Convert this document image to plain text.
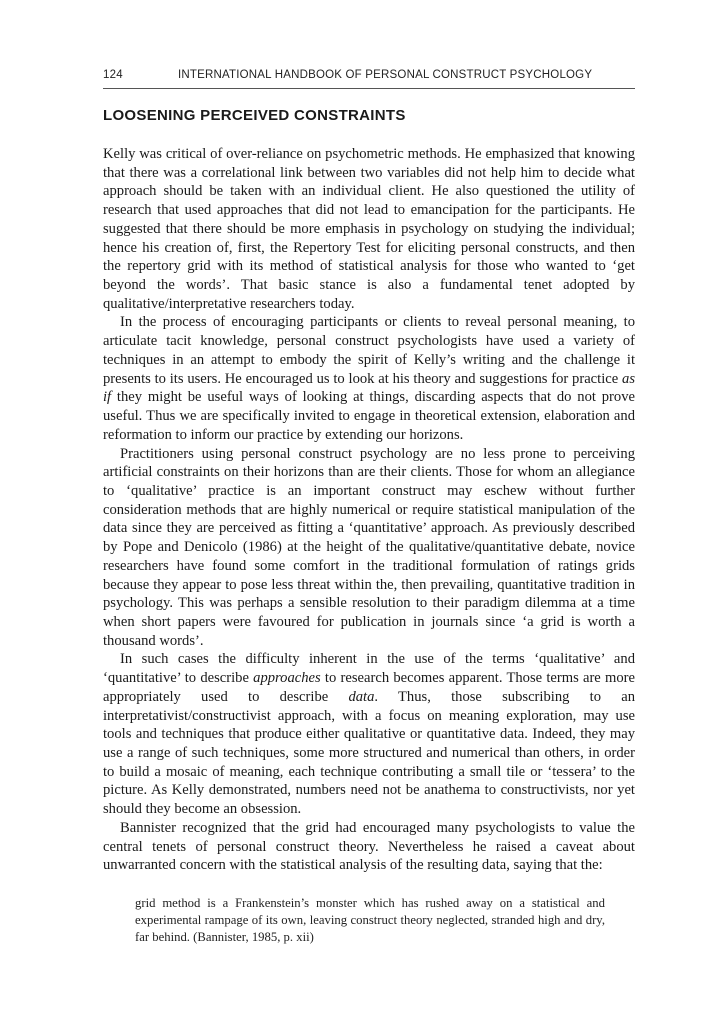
124	INTERNATIONAL HANDBOOK OF PERSONAL CONSTRUCT PSYCHOLOGY
LOOSENING PERCEIVED CONSTRAINTS

Kelly was critical of over-reliance on psychometric methods. He emphasized that knowing that there was a correlational link between two variables did not help him to decide what approach should be taken with an individual client. He also questioned the utility of research that used approaches that did not lead to emancipation for the participants. He suggested that there should be more emphasis in psychology on studying the individual; hence his creation of, first, the Repertory Test for eliciting personal constructs, and then the repertory grid with its method of statistical analysis for those who wanted to ‘get beyond the words’. That basic stance is also a fundamental tenet adopted by qualitative/interpretative researchers today.

In the process of encouraging participants or clients to reveal personal meaning, to articulate tacit knowledge, personal construct psychologists have used a variety of techniques in an attempt to embody the spirit of Kelly’s writing and the challenge it presents to its users. He encouraged us to look at his theory and suggestions for practice as if they might be useful ways of looking at things, discarding aspects that do not prove useful. Thus we are specifically invited to engage in theoretical extension, elaboration and reformation to inform our practice by extending our horizons.

Practitioners using personal construct psychology are no less prone to perceiving artificial constraints on their horizons than are their clients. Those for whom an allegiance to ‘qualitative’ practice is an important construct may eschew without further consideration methods that are highly numerical or require statistical manipulation of the data since they are perceived as fitting a ‘quantitative’ approach. As previously described by Pope and Denicolo (1986) at the height of the qualitative/quantitative debate, novice researchers have found some comfort in the traditional formulation of ratings grids because they appear to pose less threat within the, then prevailing, quantitative tradition in psychology. This was perhaps a sensible resolution to their paradigm dilemma at a time when short papers were favoured for publication in journals since ‘a grid is worth a thousand words’.

In such cases the difficulty inherent in the use of the terms ‘qualitative’ and ‘quantitative’ to describe approaches to research becomes apparent. Those terms are more appropriately used to describe data. Thus, those subscribing to an interpretativist/constructivist approach, with a focus on meaning exploration, may use tools and techniques that produce either qualitative or quantitative data. Indeed, they may use a range of such techniques, some more structured and numerical than others, in order to build a mosaic of meaning, each technique contributing a small tile or ‘tessera’ to the picture. As Kelly demonstrated, numbers need not be anathema to constructivists, nor yet should they become an obsession.

Bannister recognized that the grid had encouraged many psychologists to value the central tenets of personal construct theory. Nevertheless he raised a caveat about unwarranted concern with the statistical analysis of the resulting data, saying that the:

grid method is a Frankenstein’s monster which has rushed away on a statistical and experimental rampage of its own, leaving construct theory neglected, stranded high and dry, far behind. (Bannister, 1985, p. xii)
